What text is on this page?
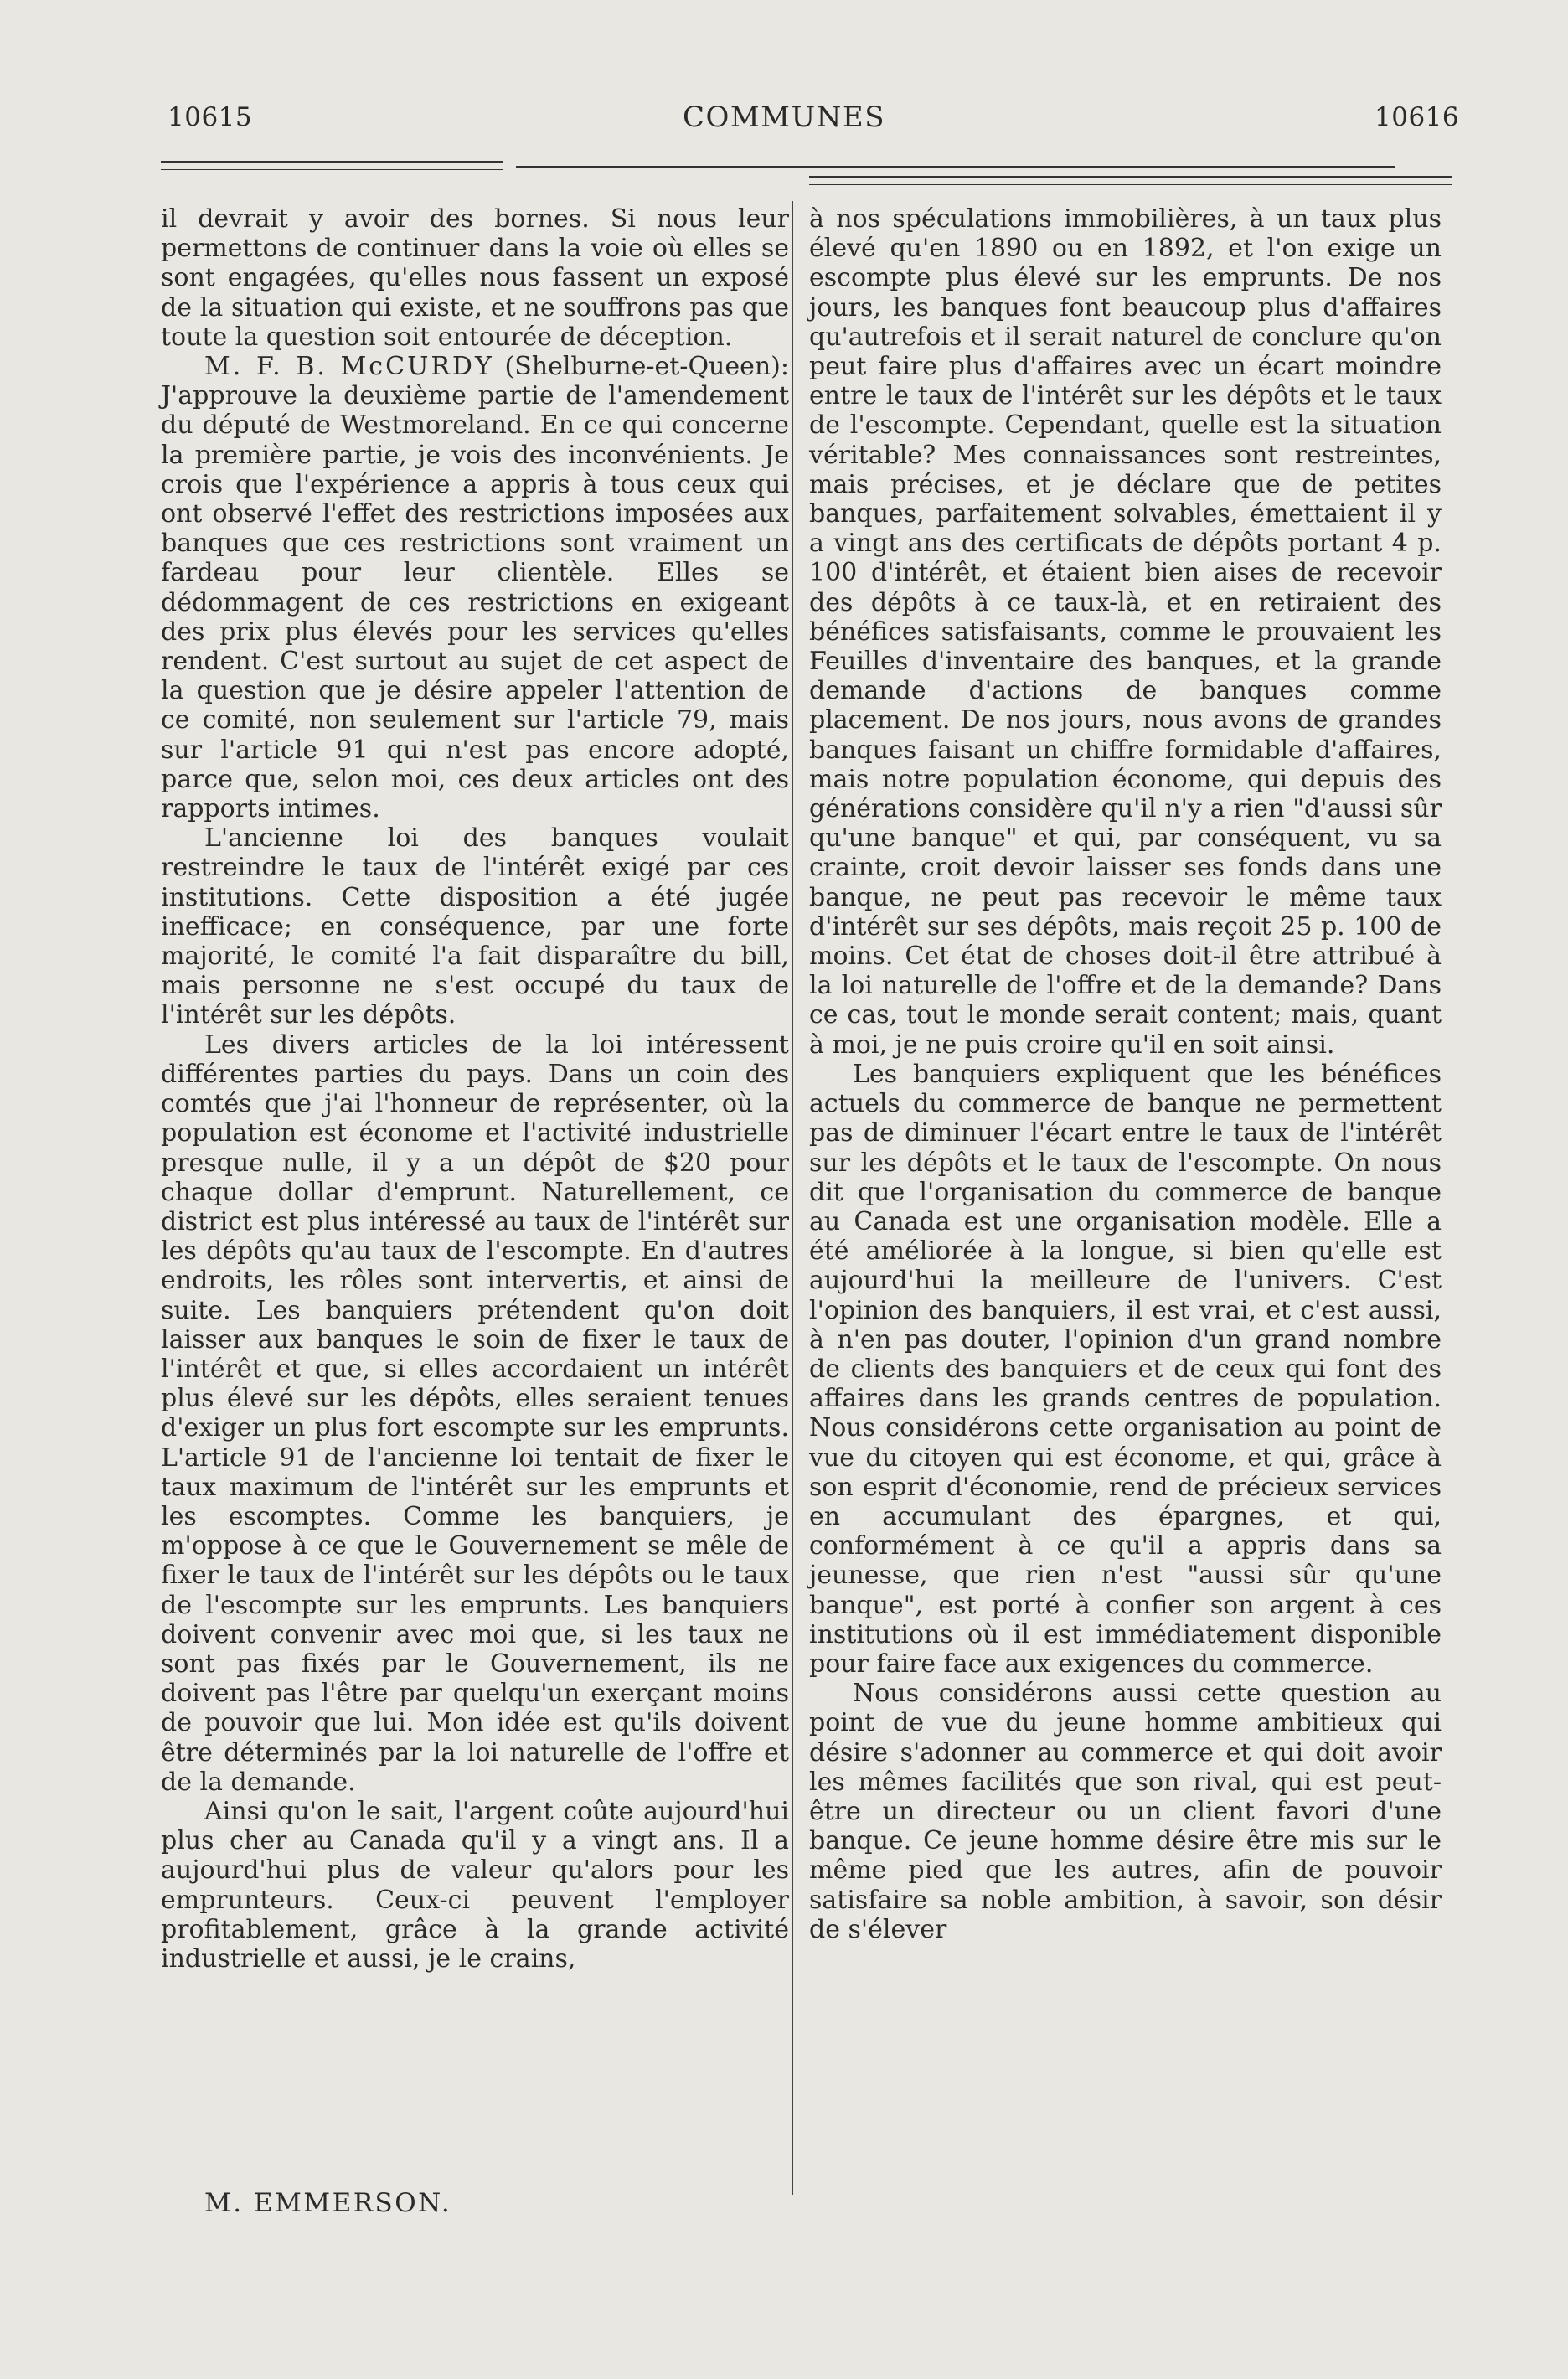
10615	COMMUNES	10616

il devrait y avoir des bornes. Si nous leur permettons de continuer dans la voie où elles se sont engagées, qu'elles nous fassent un exposé de la situation qui existe, et ne souffrons pas que toute la question soit entourée de déception.

M. F. B. McCURDY (Shelburne-et-Queen): J'approuve la deuxième partie de l'amendement du député de Westmoreland. En ce qui concerne la première partie, je vois des inconvénients. Je crois que l'expérience a appris à tous ceux qui ont observé l'effet des restrictions imposées aux banques que ces restrictions sont vraiment un fardeau pour leur clientèle. Elles se dédommagent de ces restrictions en exigeant des prix plus élevés pour les services qu'elles rendent. C'est surtout au sujet de cet aspect de la question que je désire appeler l'attention de ce comité, non seulement sur l'article 79, mais sur l'article 91 qui n'est pas encore adopté, parce que, selon moi, ces deux articles ont des rapports intimes.

L'ancienne loi des banques voulait restreindre le taux de l'intérêt exigé par ces institutions. Cette disposition a été jugée inefficace; en conséquence, par une forte majorité, le comité l'a fait disparaître du bill, mais personne ne s'est occupé du taux de l'intérêt sur les dépôts.

Les divers articles de la loi intéressent différentes parties du pays. Dans un coin des comtés que j'ai l'honneur de représenter, où la population est économe et l'activité industrielle presque nulle, il y a un dépôt de $20 pour chaque dollar d'emprunt. Naturellement, ce district est plus intéressé au taux de l'intérêt sur les dépôts qu'au taux de l'escompte. En d'autres endroits, les rôles sont intervertis, et ainsi de suite. Les banquiers prétendent qu'on doit laisser aux banques le soin de fixer le taux de l'intérêt et que, si elles accordaient un intérêt plus élevé sur les dépôts, elles seraient tenues d'exiger un plus fort escompte sur les emprunts. L'article 91 de l'ancienne loi tentait de fixer le taux maximum de l'intérêt sur les emprunts et les escomptes. Comme les banquiers, je m'oppose à ce que le Gouvernement se mêle de fixer le taux de l'intérêt sur les dépôts ou le taux de l'escompte sur les emprunts. Les banquiers doivent convenir avec moi que, si les taux ne sont pas fixés par le Gouvernement, ils ne doivent pas l'être par quelqu'un exerçant moins de pouvoir que lui. Mon idée est qu'ils doivent être déterminés par la loi naturelle de l'offre et de la demande.

Ainsi qu'on le sait, l'argent coûte aujourd'hui plus cher au Canada qu'il y a vingt ans. Il a aujourd'hui plus de valeur qu'alors pour les emprunteurs. Ceux-ci peuvent l'employer profitablement, grâce à la grande activité industrielle et aussi, je le crains,

M. EMMERSON.

à nos spéculations immobilières, à un taux plus élevé qu'en 1890 ou en 1892, et l'on exige un escompte plus élevé sur les emprunts. De nos jours, les banques font beaucoup plus d'affaires qu'autrefois et il serait naturel de conclure qu'on peut faire plus d'affaires avec un écart moindre entre le taux de l'intérêt sur les dépôts et le taux de l'escompte. Cependant, quelle est la situation véritable? Mes connaissances sont restreintes, mais précises, et je déclare que de petites banques, parfaitement solvables, émettaient il y a vingt ans des certificats de dépôts portant 4 p. 100 d'intérêt, et étaient bien aises de recevoir des dépôts à ce taux-là, et en retiraient des bénéfices satisfaisants, comme le prouvaient les Feuilles d'inventaire des banques, et la grande demande d'actions de banques comme placement. De nos jours, nous avons de grandes banques faisant un chiffre formidable d'affaires, mais notre population économe, qui depuis des générations considère qu'il n'y a rien "d'aussi sûr qu'une banque" et qui, par conséquent, vu sa crainte, croit devoir laisser ses fonds dans une banque, ne peut pas recevoir le même taux d'intérêt sur ses dépôts, mais reçoit 25 p. 100 de moins. Cet état de choses doit-il être attribué à la loi naturelle de l'offre et de la demande? Dans ce cas, tout le monde serait content; mais, quant à moi, je ne puis croire qu'il en soit ainsi.

Les banquiers expliquent que les bénéfices actuels du commerce de banque ne permettent pas de diminuer l'écart entre le taux de l'intérêt sur les dépôts et le taux de l'escompte. On nous dit que l'organisation du commerce de banque au Canada est une organisation modèle. Elle a été améliorée à la longue, si bien qu'elle est aujourd'hui la meilleure de l'univers. C'est l'opinion des banquiers, il est vrai, et c'est aussi, à n'en pas douter, l'opinion d'un grand nombre de clients des banquiers et de ceux qui font des affaires dans les grands centres de population. Nous considérons cette organisation au point de vue du citoyen qui est économe, et qui, grâce à son esprit d'économie, rend de précieux services en accumulant des épargnes, et qui, conformément à ce qu'il a appris dans sa jeunesse, que rien n'est "aussi sûr qu'une banque", est porté à confier son argent à ces institutions où il est immédiatement disponible pour faire face aux exigences du commerce.

Nous considérons aussi cette question au point de vue du jeune homme ambitieux qui désire s'adonner au commerce et qui doit avoir les mêmes facilités que son rival, qui est peut-être un directeur ou un client favori d'une banque. Ce jeune homme désire être mis sur le même pied que les autres, afin de pouvoir satisfaire sa noble ambition, à savoir, son désir de s'élever
